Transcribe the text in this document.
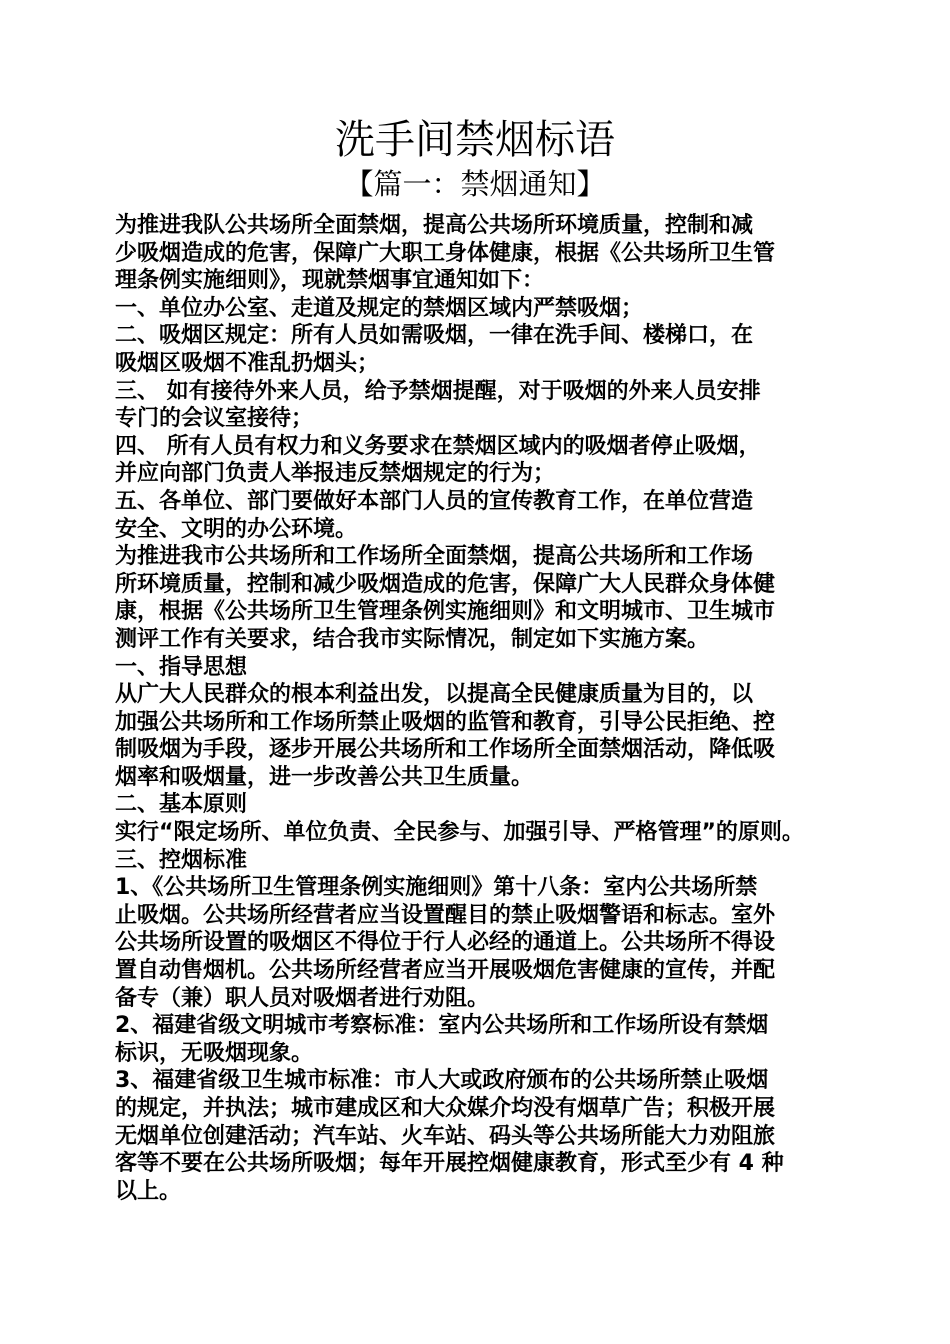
洗手间禁烟标语
【篇一：禁烟通知】

为推进我队公共场所全面禁烟，提高公共场所环境质量，控制和减

少吸烟造成的危害，保障广大职工身体健康，根据《公共场所卫生管

理条例实施细则》，现就禁烟事宜通知如下：

一、单位办公室、走道及规定的禁烟区域内严禁吸烟；

二、吸烟区规定：所有人员如需吸烟，一律在洗手间、楼梯口，在

吸烟区吸烟不准乱扔烟头；

三、 如有接待外来人员，给予禁烟提醒，对于吸烟的外来人员安排

专门的会议室接待；

四、 所有人员有权力和义务要求在禁烟区域内的吸烟者停止吸烟，

并应向部门负责人举报违反禁烟规定的行为；

五、各单位、部门要做好本部门人员的宣传教育工作，在单位营造

安全、文明的办公环境。

为推进我市公共场所和工作场所全面禁烟，提高公共场所和工作场

所环境质量，控制和减少吸烟造成的危害，保障广大人民群众身体健

康，根据《公共场所卫生管理条例实施细则》和文明城市、卫生城市

测评工作有关要求，结合我市实际情况，制定如下实施方案。

一、指导思想

从广大人民群众的根本利益出发，以提高全民健康质量为目的，以

加强公共场所和工作场所禁止吸烟的监管和教育，引导公民拒绝、控

制吸烟为手段，逐步开展公共场所和工作场所全面禁烟活动，降低吸

烟率和吸烟量，进一步改善公共卫生质量。

二、基本原则

实行“限定场所、单位负责、全民参与、加强引导、严格管理”的原则。

三、控烟标准

1、《公共场所卫生管理条例实施细则》第十八条：室内公共场所禁

止吸烟。公共场所经营者应当设置醒目的禁止吸烟警语和标志。室外

公共场所设置的吸烟区不得位于行人必经的通道上。公共场所不得设

置自动售烟机。公共场所经营者应当开展吸烟危害健康的宣传，并配

备专（兼）职人员对吸烟者进行劝阻。

2、福建省级文明城市考察标准：室内公共场所和工作场所设有禁烟

标识，无吸烟现象。

3、福建省级卫生城市标准：市人大或政府颁布的公共场所禁止吸烟

的规定，并执法；城市建成区和大众媒介均没有烟草广告；积极开展

无烟单位创建活动；汽车站、火车站、码头等公共场所能大力劝阻旅

客等不要在公共场所吸烟；每年开展控烟健康教育，形式至少有 4 种

以上。
